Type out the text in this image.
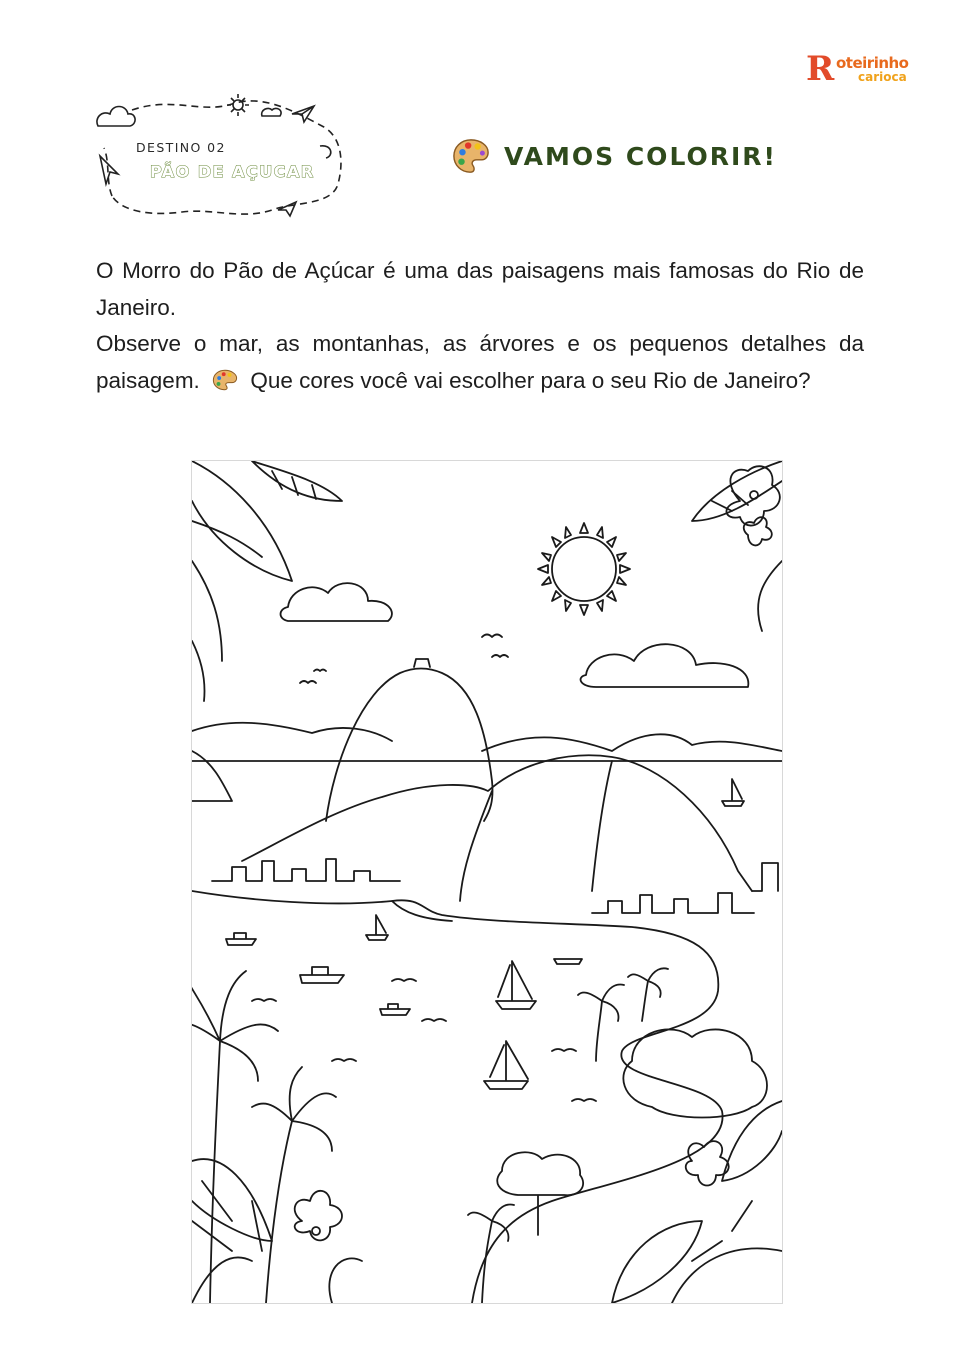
R oteirinho
carioca
DESTINO 02
PÃO DE AÇUCAR
VAMOS COLORIR!

O Morro do Pão de Açúcar é uma das paisagens mais famosas do Rio de Janeiro.

Observe o mar, as montanhas, as árvores e os pequenos detalhes da paisagem. Que cores você vai escolher para o seu Rio de Janeiro?
